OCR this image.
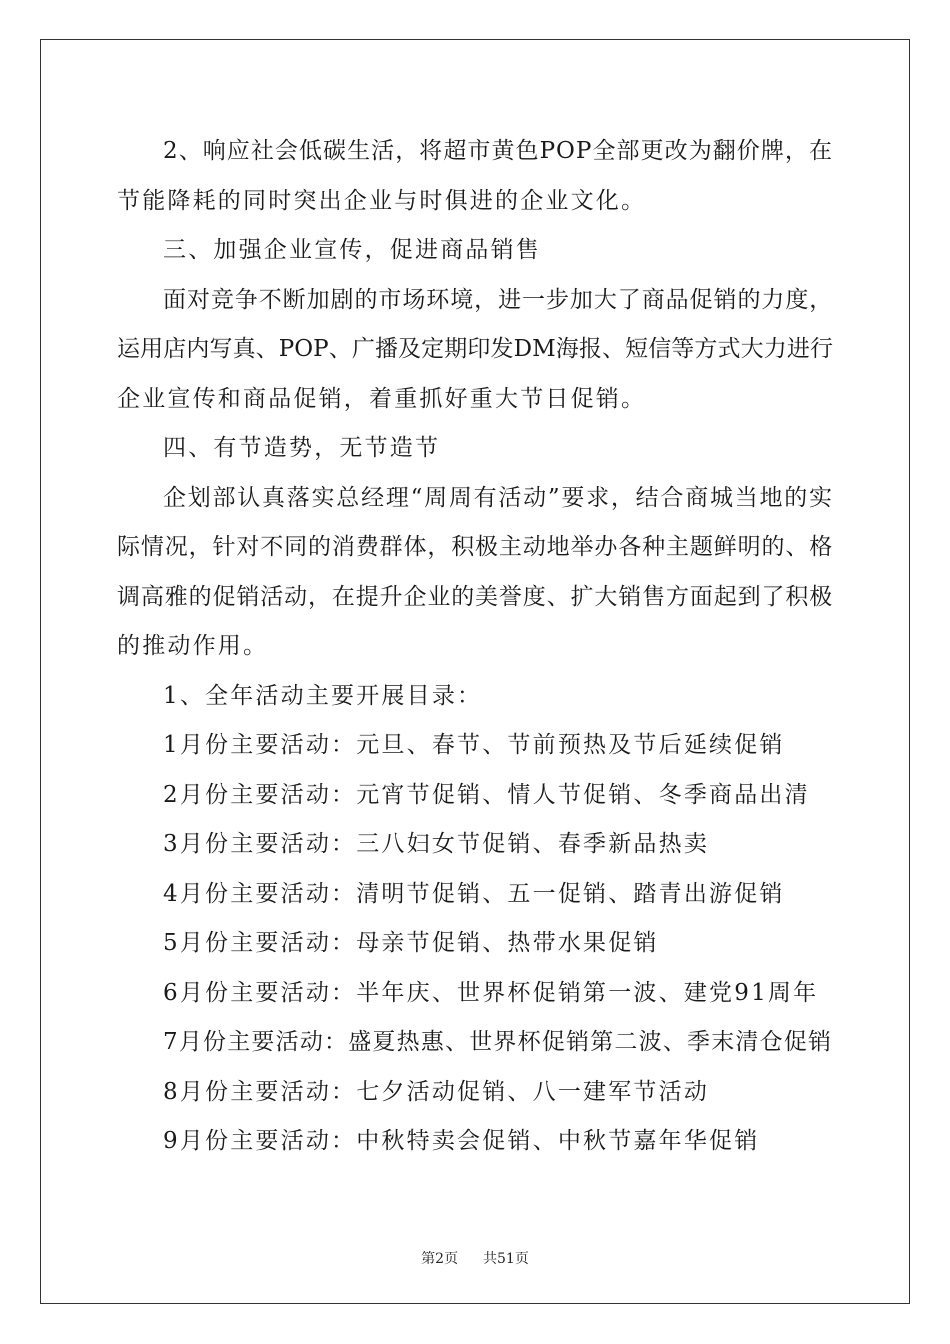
2、响应社会低碳生活，将超市黄色POP全部更改为翻价牌，在
节能降耗的同时突出企业与时俱进的企业文化。
三、加强企业宣传，促进商品销售
面对竞争不断加剧的市场环境，进一步加大了商品促销的力度，
运用店内写真、POP、广播及定期印发DM海报、短信等方式大力进行
企业宣传和商品促销，着重抓好重大节日促销。
四、有节造势，无节造节
企划部认真落实总经理“周周有活动”要求，结合商城当地的实
际情况，针对不同的消费群体，积极主动地举办各种主题鲜明的、格
调高雅的促销活动，在提升企业的美誉度、扩大销售方面起到了积极
的推动作用。
1、全年活动主要开展目录：
1月份主要活动：元旦、春节、节前预热及节后延续促销
2月份主要活动：元宵节促销、情人节促销、冬季商品出清
3月份主要活动：三八妇女节促销、春季新品热卖
4月份主要活动：清明节促销、五一促销、踏青出游促销
5月份主要活动：母亲节促销、热带水果促销
6月份主要活动：半年庆、世界杯促销第一波、建党91周年
7月份主要活动：盛夏热惠、世界杯促销第二波、季末清仓促销
8月份主要活动：七夕活动促销、八一建军节活动
9月份主要活动：中秋特卖会促销、中秋节嘉年华促销
第2页 共51页
